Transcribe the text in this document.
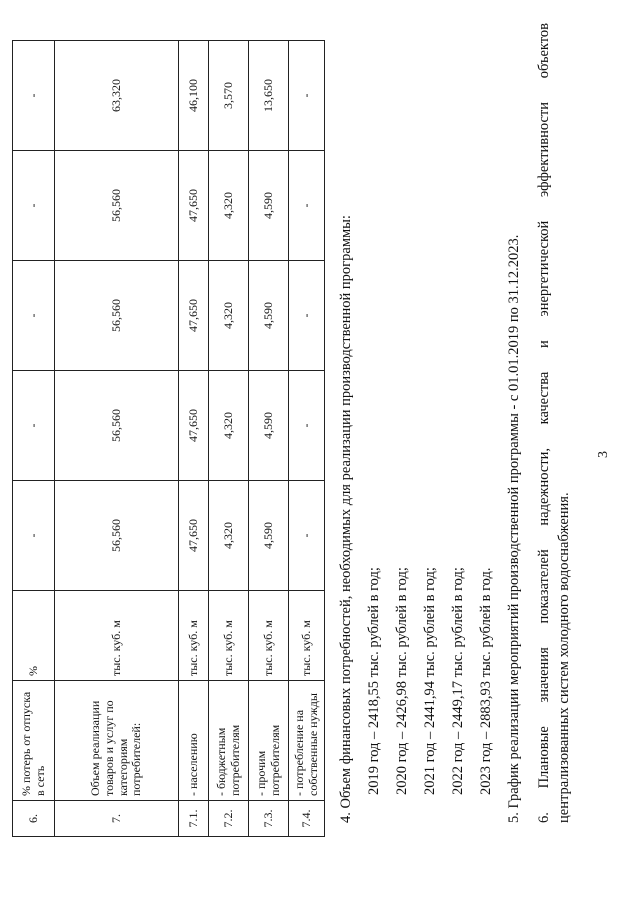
6.	% потерь от отпуска в сеть	%	-	-	-	-	-
7.	Объем реализации товаров и услуг по категориям потребителей:	тыс. куб. м	56,560	56,560	56,560	56,560	63,320
7.1.	- населению	тыс. куб. м	47,650	47,650	47,650	47,650	46,100
7.2.	- бюджетным потребителям	тыс. куб. м	4,320	4,320	4,320	4,320	3,570
7.3.	- прочим потребителям	тыс. куб. м	4,590	4,590	4,590	4,590	13,650
7.4.	- потребление на собственные нужды	тыс. куб. м	-	-	-	-	-

4. Объем финансовых потребностей, необходимых для реализации производственной программы: 2019 год – 2418,55 тыс. рублей в год; 2020 год – 2426,98 тыс. рублей в год; 2021 год – 2441,94 тыс. рублей в год; 2022 год – 2449,17 тыс. рублей в год; 2023 год – 2883,93 тыс. рублей в год. 5. График реализации мероприятий производственной программы - с 01.01.2019 по 31.12.2023. 6. Плановые значения показателей надежности, качества и энергетической эффективности объектов централизованных систем холодного водоснабжения.

3
